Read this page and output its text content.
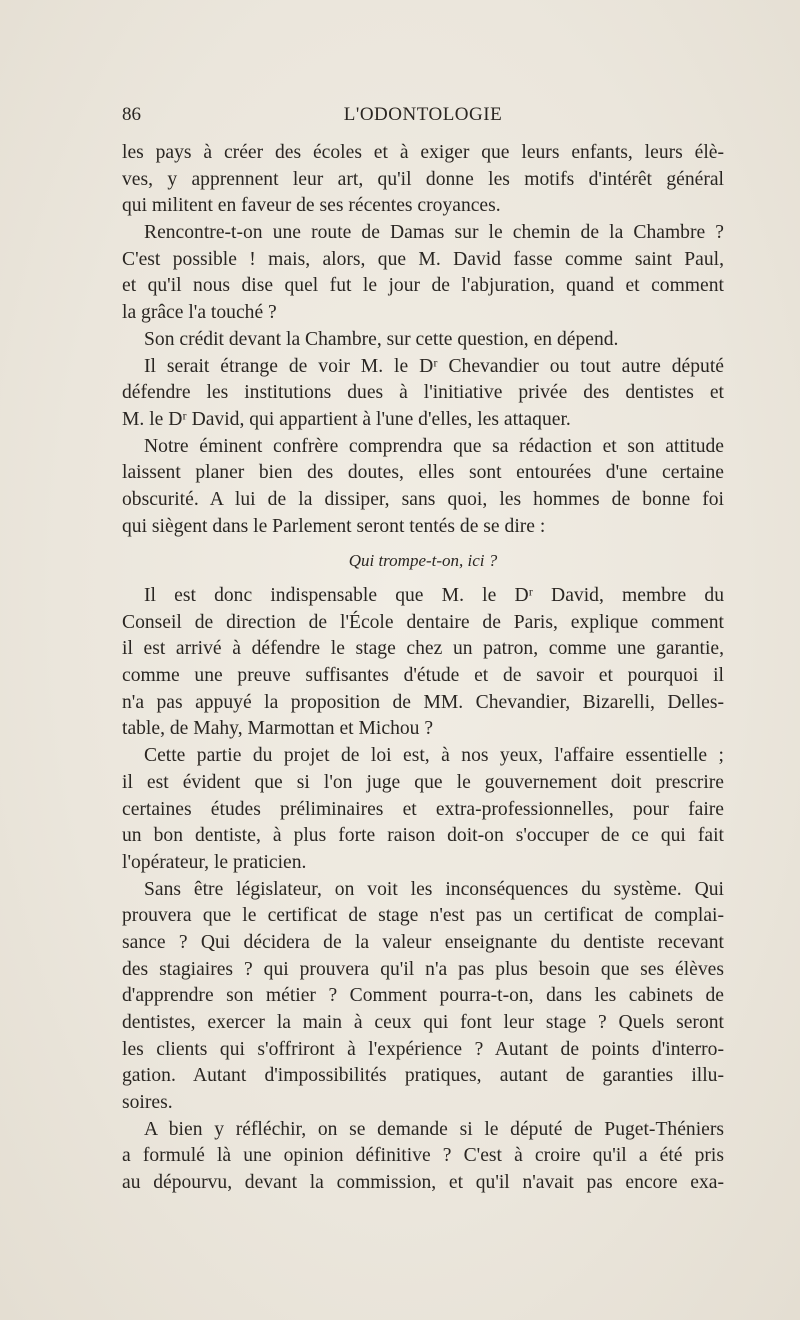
86	L'ODONTOLOGIE
les pays à créer des écoles et à exiger que leurs enfants, leurs élè-
ves, y apprennent leur art, qu'il donne les motifs d'intérêt général
qui militent en faveur de ses récentes croyances.
Rencontre-t-on une route de Damas sur le chemin de la Chambre ?
C'est possible ! mais, alors, que M. David fasse comme saint Paul,
et qu'il nous dise quel fut le jour de l'abjuration, quand et comment
la grâce l'a touché ?
Son crédit devant la Chambre, sur cette question, en dépend.
Il serait étrange de voir M. le Dʳ Chevandier ou tout autre député
défendre les institutions dues à l'initiative privée des dentistes et
M. le Dʳ David, qui appartient à l'une d'elles, les attaquer.
Notre éminent confrère comprendra que sa rédaction et son attitude
laissent planer bien des doutes, elles sont entourées d'une certaine
obscurité. A lui de la dissiper, sans quoi, les hommes de bonne foi
qui siègent dans le Parlement seront tentés de se dire :
Qui trompe-t-on, ici ?
Il est donc indispensable que M. le Dʳ David, membre du
Conseil de direction de l'École dentaire de Paris, explique comment
il est arrivé à défendre le stage chez un patron, comme une garantie,
comme une preuve suffisantes d'étude et de savoir et pourquoi il
n'a pas appuyé la proposition de MM. Chevandier, Bizarelli, Delles-
table, de Mahy, Marmottan et Michou ?
Cette partie du projet de loi est, à nos yeux, l'affaire essentielle ;
il est évident que si l'on juge que le gouvernement doit prescrire
certaines études préliminaires et extra-professionnelles, pour faire
un bon dentiste, à plus forte raison doit-on s'occuper de ce qui fait
l'opérateur, le praticien.
Sans être législateur, on voit les inconséquences du système. Qui
prouvera que le certificat de stage n'est pas un certificat de complai-
sance ? Qui décidera de la valeur enseignante du dentiste recevant
des stagiaires ? qui prouvera qu'il n'a pas plus besoin que ses élèves
d'apprendre son métier ? Comment pourra-t-on, dans les cabinets de
dentistes, exercer la main à ceux qui font leur stage ? Quels seront
les clients qui s'offriront à l'expérience ? Autant de points d'interro-
gation. Autant d'impossibilités pratiques, autant de garanties illu-
soires.
A bien y réfléchir, on se demande si le député de Puget-Théniers
a formulé là une opinion définitive ? C'est à croire qu'il a été pris
au dépourvu, devant la commission, et qu'il n'avait pas encore exa-
